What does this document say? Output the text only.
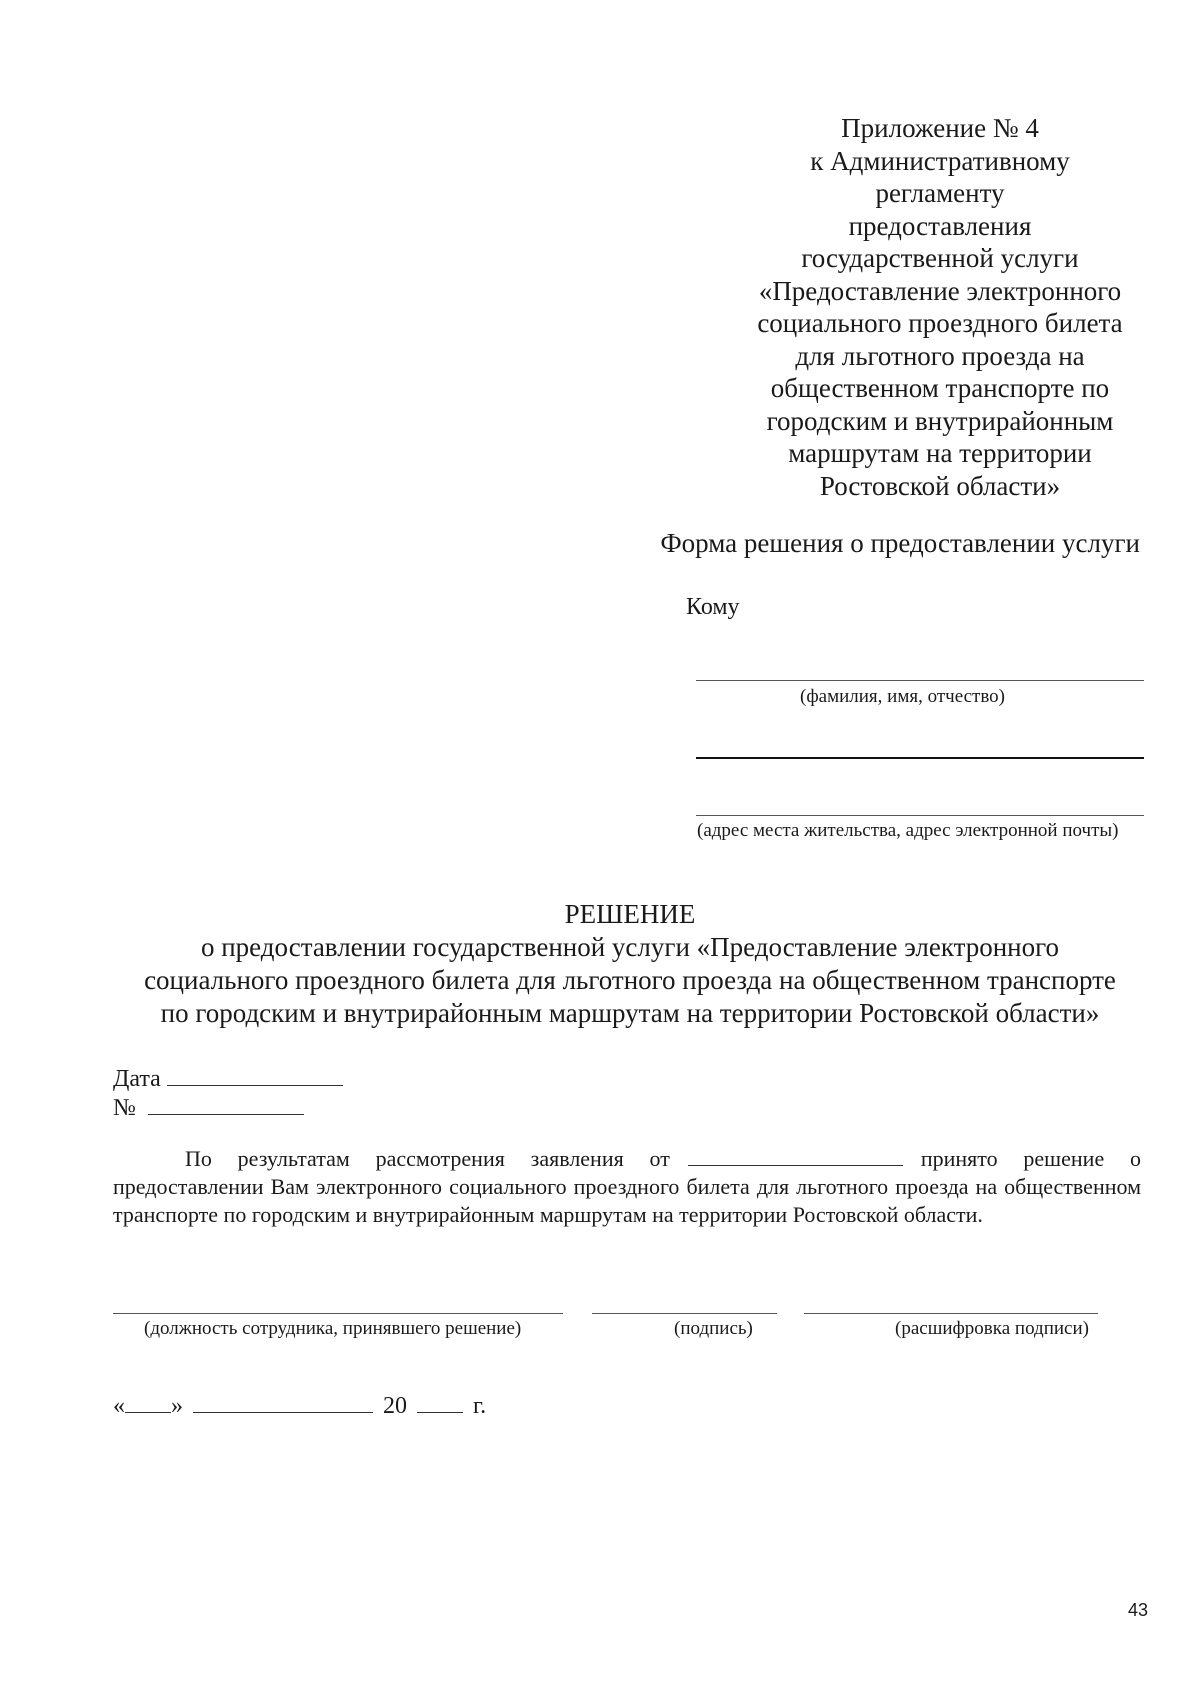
Приложение № 4
к Административному
регламенту
предоставления
государственной услуги
«Предоставление электронного
социального проездного билета
для льготного проезда на
общественном транспорте по
городским и внутрирайонным
маршрутам на территории
Ростовской области»
Форма решения о предоставлении услуги
Кому
(фамилия, имя, отчество)
(адрес места жительства, адрес электронной почты)
РЕШЕНИЕ
о предоставлении государственной услуги «Предоставление электронного
социального проездного билета для льготного проезда на общественном транспорте
по городским и внутрирайонным маршрутам на территории Ростовской области»
Дата
№
По результатам рассмотрения заявления от	принято решение о предоставлении Вам электронного социального проездного билета для льготного проезда на общественном транспорте по городским и внутрирайонным маршрутам на территории Ростовской области.
(должность сотрудника, принявшего решение)	(подпись)	(расшифровка подписи)
« »	20	г.
43
